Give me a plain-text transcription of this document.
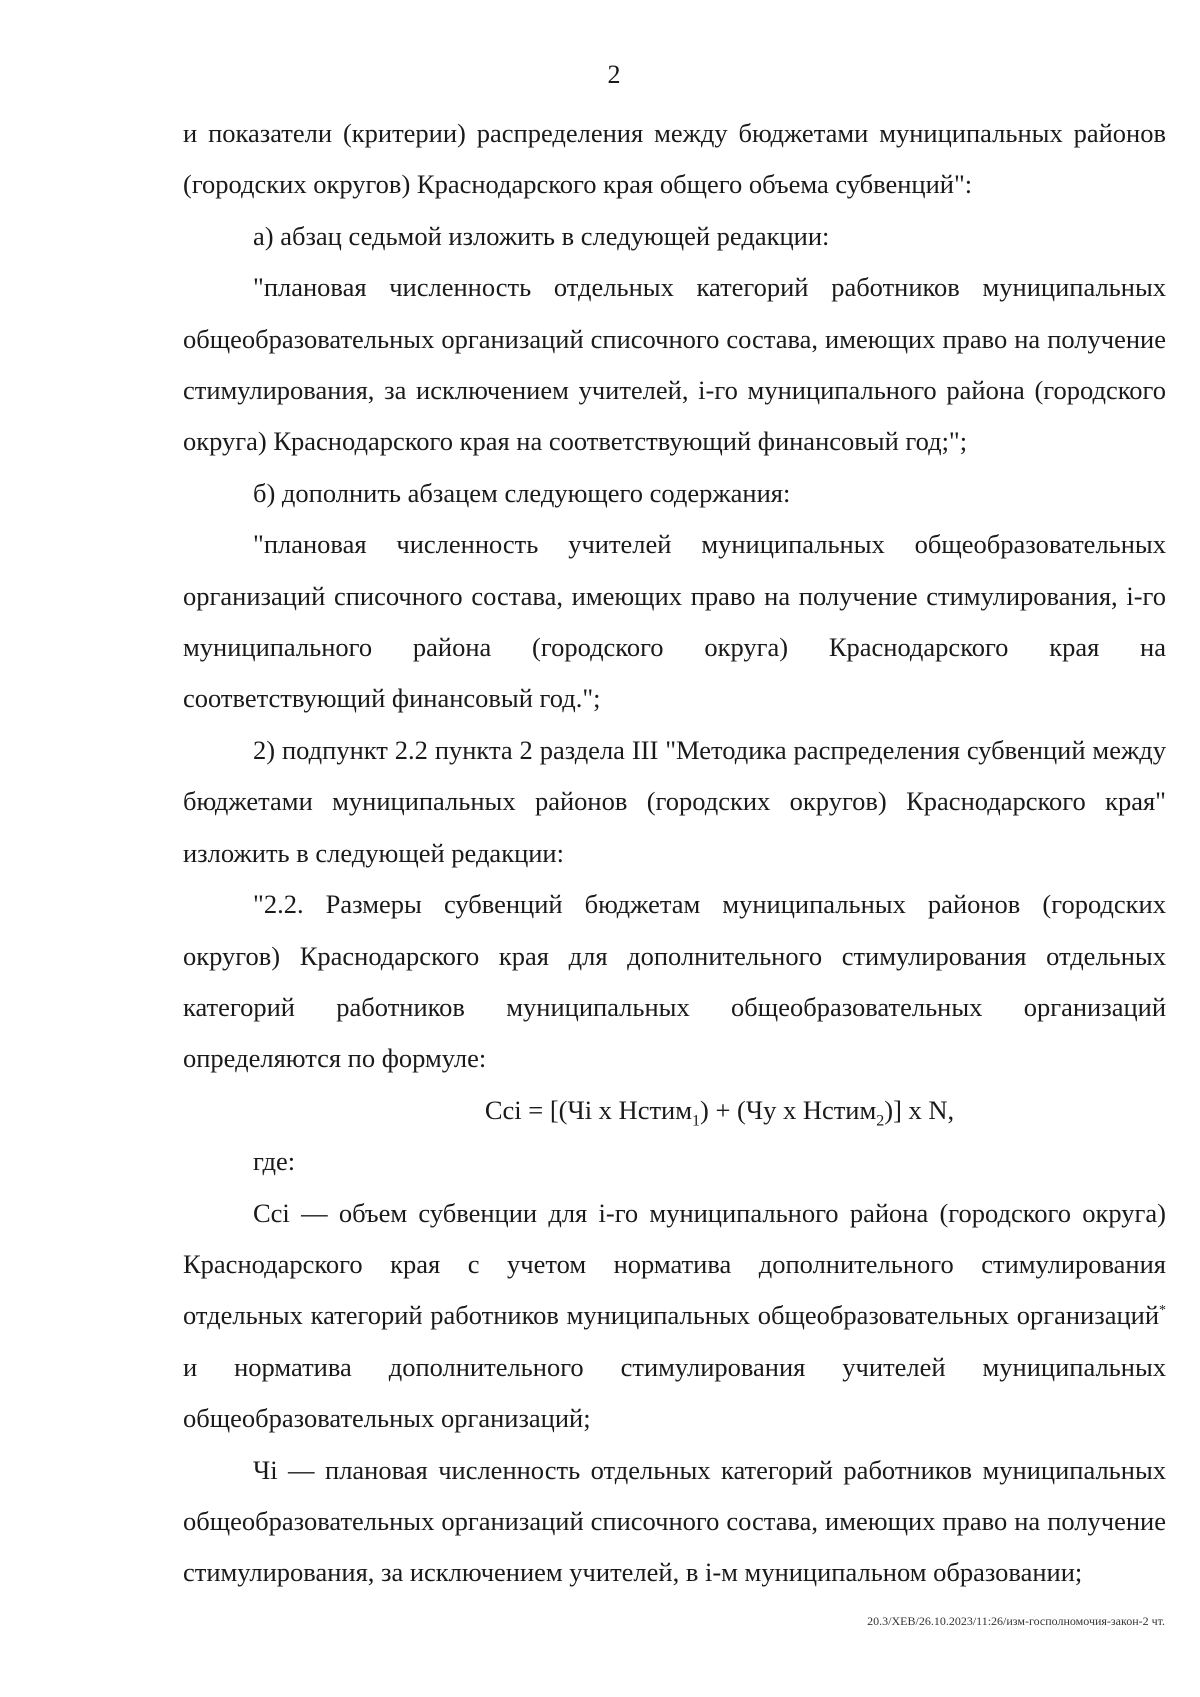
2

и показатели (критерии) распределения между бюджетами муниципальных районов (городских округов) Краснодарского края общего объема субвенций":

а) абзац седьмой изложить в следующей редакции:

"плановая численность отдельных категорий работников муниципальных общеобразовательных организаций списочного состава, имеющих право на получение стимулирования, за исключением учителей, i-го муниципального района (городского округа) Краснодарского края на соответствующий финансовый год;";

б) дополнить абзацем следующего содержания:

"плановая численность учителей муниципальных общеобразовательных организаций списочного состава, имеющих право на получение стимулирования, i-го муниципального района (городского округа) Краснодарского края на соответствующий финансовый год.";

2) подпункт 2.2 пункта 2 раздела III "Методика распределения субвенций между бюджетами муниципальных районов (городских округов) Краснодарского края" изложить в следующей редакции:

"2.2. Размеры субвенций бюджетам муниципальных районов (городских округов) Краснодарского края для дополнительного стимулирования отдельных категорий работников муниципальных общеобразовательных организаций определяются по формуле:

Ccі = [(Чі х Нстим$_1$) + (Чу х Нстим$_2$)] х N,

где:

Ccі — объем субвенции для і-го муниципального района (городского округа) Краснодарского края с учетом норматива дополнительного стимулирования отдельных категорий работников муниципальных общеобразовательных организаций* и норматива дополнительного стимулирования учителей муниципальных общеобразовательных организаций;

Чі — плановая численность отдельных категорий работников муниципальных общеобразовательных организаций списочного состава, имеющих право на получение стимулирования, за исключением учителей, в і-м муниципальном образовании;

20.3/ХЕВ/26.10.2023/11:26/изм-госполномочия-закон-2 чт.
